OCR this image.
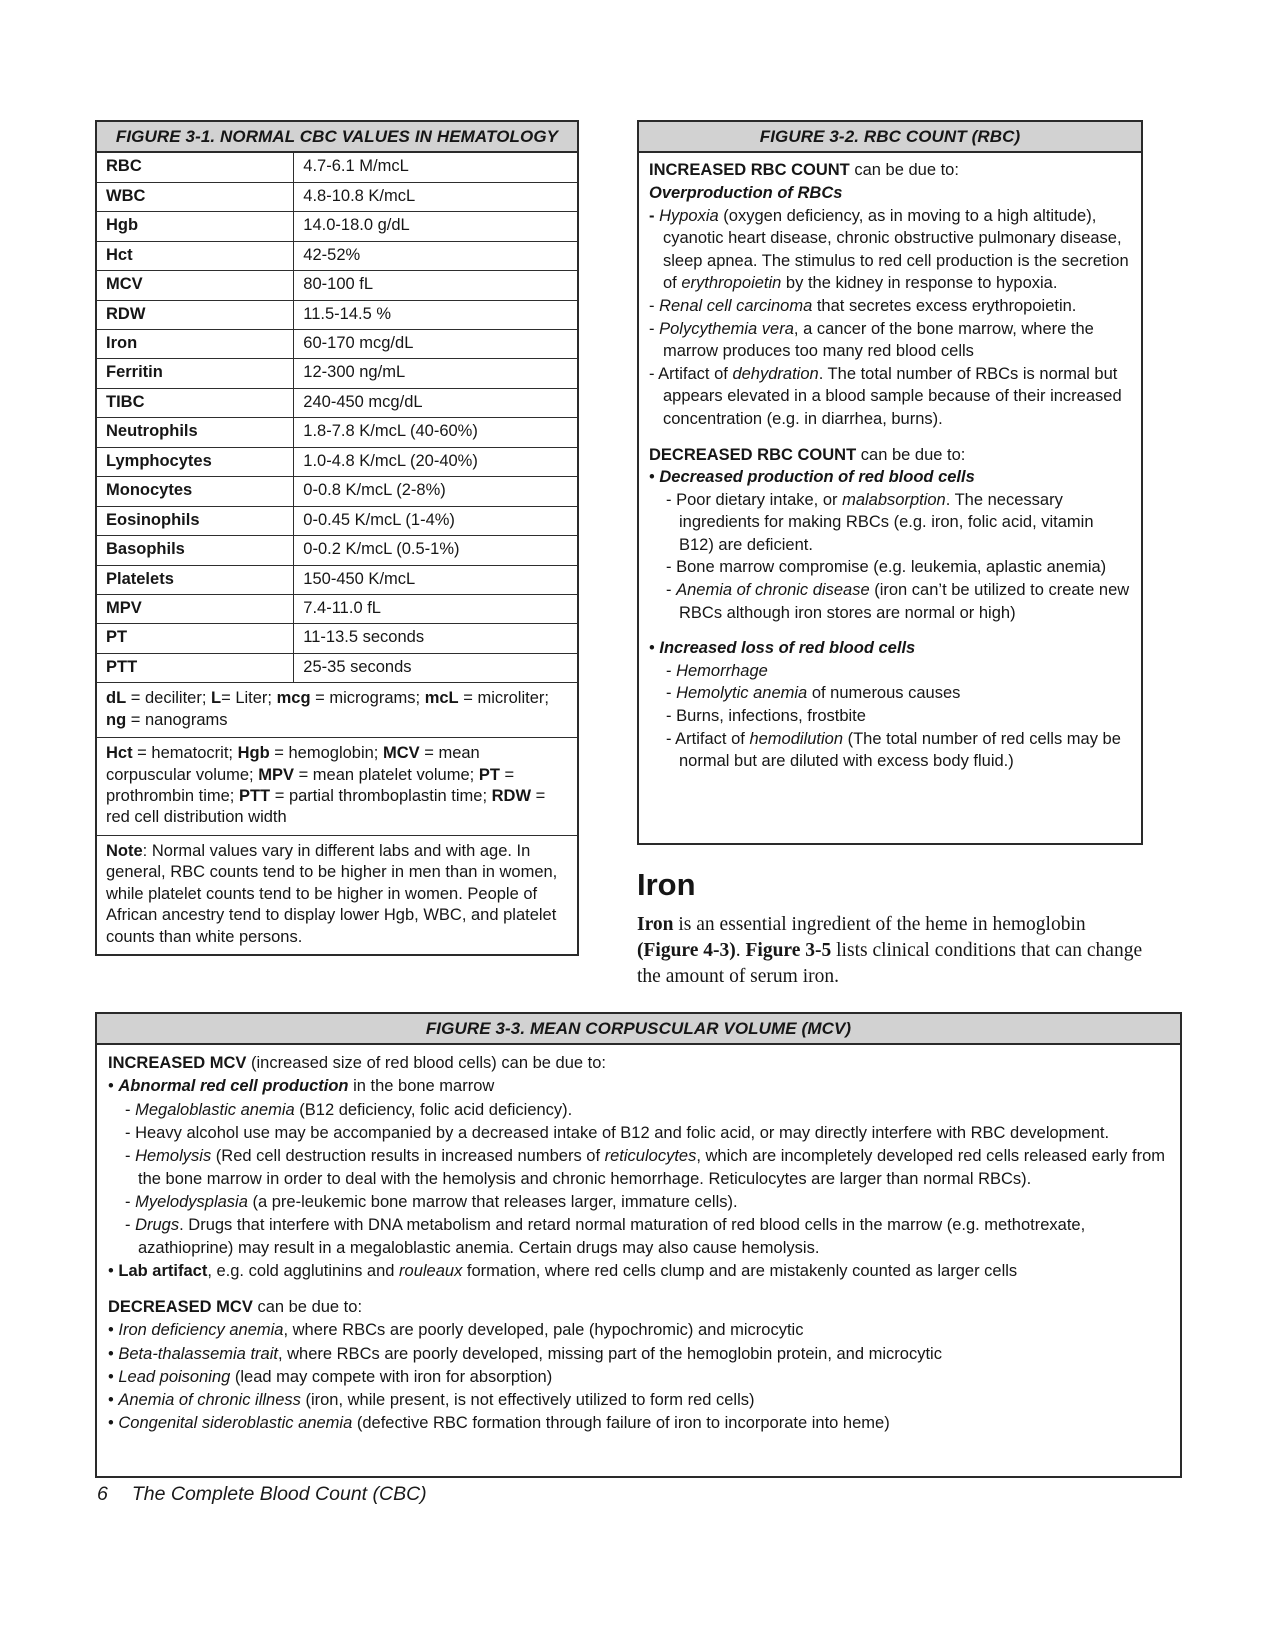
FIGURE 3-1. NORMAL CBC VALUES IN HEMATOLOGY
RBC	4.7-6.1 M/mcL
WBC	4.8-10.8 K/mcL
Hgb	14.0-18.0 g/dL
Hct	42-52%
MCV	80-100 fL
RDW	11.5-14.5 %
Iron	60-170 mcg/dL
Ferritin	12-300 ng/mL
TIBC	240-450 mcg/dL
Neutrophils	1.8-7.8 K/mcL (40-60%)
Lymphocytes	1.0-4.8 K/mcL (20-40%)
Monocytes	0-0.8 K/mcL (2-8%)
Eosinophils	0-0.45 K/mcL (1-4%)
Basophils	0-0.2 K/mcL (0.5-1%)
Platelets	150-450 K/mcL
MPV	7.4-11.0 fL
PT	11-13.5 seconds
PTT	25-35 seconds
dL = deciliter; L= Liter; mcg = micrograms; mcL = microliter; ng = nanograms	
Hct = hematocrit; Hgb = hemoglobin; MCV = mean corpuscular volume; MPV = mean platelet volume; PT = prothrombin time; PTT = partial thromboplastin time; RDW = red cell distribution width	
Note: Normal values vary in different labs and with age. In general, RBC counts tend to be higher in men than in women, while platelet counts tend to be higher in women. People of African ancestry tend to display lower Hgb, WBC, and platelet counts than white persons.	
FIGURE 3-2. RBC COUNT (RBC)
INCREASED RBC COUNT can be due to:
Overproduction of RBCs
- Hypoxia (oxygen deficiency, as in moving to a high altitude), cyanotic heart disease, chronic obstructive pulmonary disease, sleep apnea. The stimulus to red cell production is the secretion of erythropoietin by the kidney in response to hypoxia.
- Renal cell carcinoma that secretes excess erythropoietin.
- Polycythemia vera, a cancer of the bone marrow, where the marrow produces too many red blood cells
- Artifact of dehydration. The total number of RBCs is normal but appears elevated in a blood sample because of their increased concentration (e.g. in diarrhea, burns).
DECREASED RBC COUNT can be due to:
• Decreased production of red blood cells
- Poor dietary intake, or malabsorption. The necessary ingredients for making RBCs (e.g. iron, folic acid, vitamin B12) are deficient.
- Bone marrow compromise (e.g. leukemia, aplastic anemia)
- Anemia of chronic disease (iron can’t be utilized to create new RBCs although iron stores are normal or high)
• Increased loss of red blood cells
- Hemorrhage
- Hemolytic anemia of numerous causes
- Burns, infections, frostbite
- Artifact of hemodilution (The total number of red cells may be normal but are diluted with excess body fluid.)
Iron

Iron is an essential ingredient of the heme in hemoglobin (Figure 4-3). Figure 3-5 lists clinical conditions that can change the amount of serum iron.

FIGURE 3-3. MEAN CORPUSCULAR VOLUME (MCV)
INCREASED MCV (increased size of red blood cells) can be due to:
• Abnormal red cell production in the bone marrow
- Megaloblastic anemia (B12 deficiency, folic acid deficiency).
- Heavy alcohol use may be accompanied by a decreased intake of B12 and folic acid, or may directly interfere with RBC development.
- Hemolysis (Red cell destruction results in increased numbers of reticulocytes, which are incompletely developed red cells released early from the bone marrow in order to deal with the hemolysis and chronic hemorrhage. Reticulocytes are larger than normal RBCs).
- Myelodysplasia (a pre-leukemic bone marrow that releases larger, immature cells).
- Drugs. Drugs that interfere with DNA metabolism and retard normal maturation of red blood cells in the marrow (e.g. methotrexate, azathioprine) may result in a megaloblastic anemia. Certain drugs may also cause hemolysis.
• Lab artifact, e.g. cold agglutinins and rouleaux formation, where red cells clump and are mistakenly counted as larger cells
DECREASED MCV can be due to:
• Iron deficiency anemia, where RBCs are poorly developed, pale (hypochromic) and microcytic
• Beta-thalassemia trait, where RBCs are poorly developed, missing part of the hemoglobin protein, and microcytic
• Lead poisoning (lead may compete with iron for absorption)
• Anemia of chronic illness (iron, while present, is not effectively utilized to form red cells)
• Congenital sideroblastic anemia (defective RBC formation through failure of iron to incorporate into heme)
6 The Complete Blood Count (CBC)
